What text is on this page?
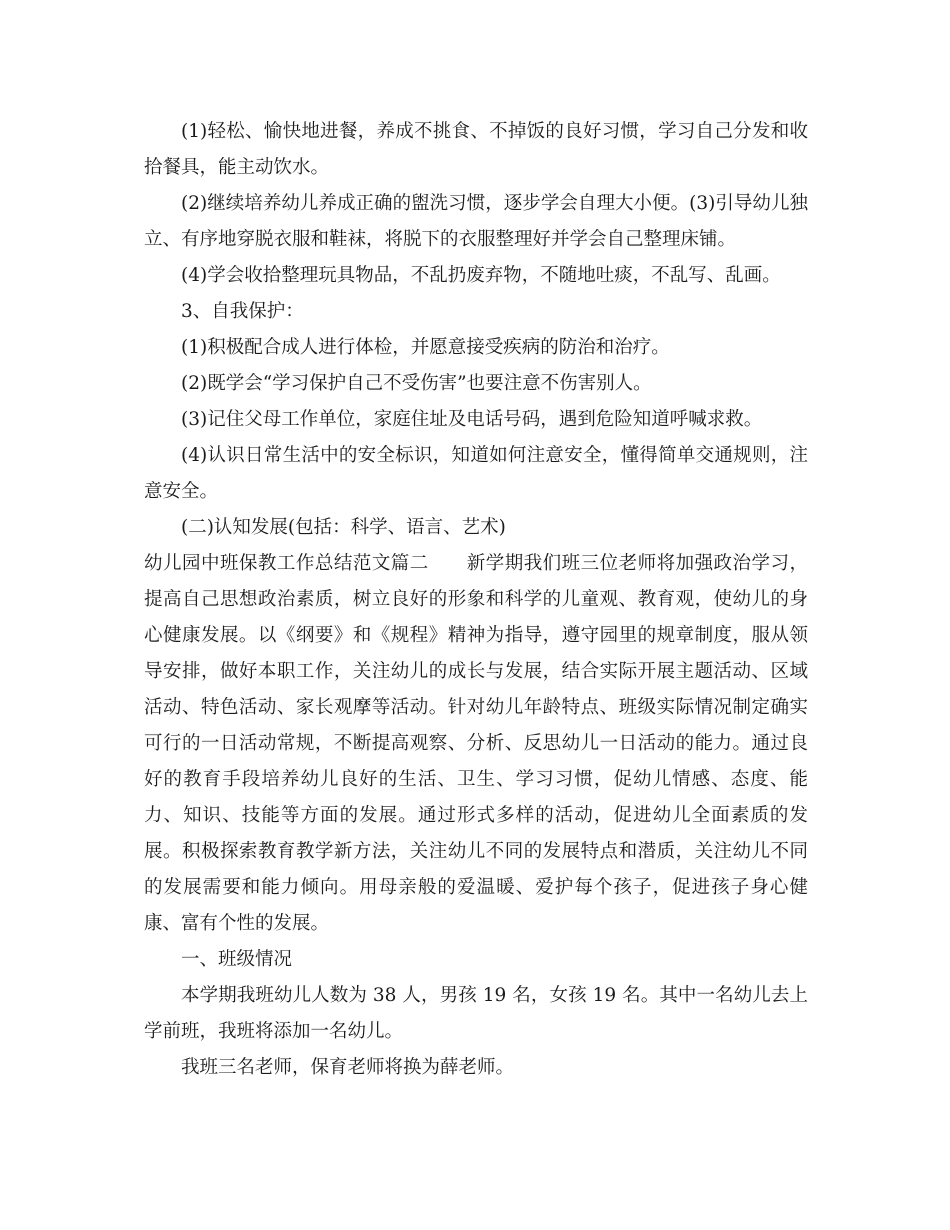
(1)轻松、愉快地进餐，养成不挑食、不掉饭的良好习惯，学习自己分发和收拾餐具，能主动饮水。

(2)继续培养幼儿养成正确的盥洗习惯，逐步学会自理大小便。(3)引导幼儿独立、有序地穿脱衣服和鞋袜，将脱下的衣服整理好并学会自己整理床铺。

(4)学会收拾整理玩具物品，不乱扔废弃物，不随地吐痰，不乱写、乱画。

3、自我保护：

(1)积极配合成人进行体检，并愿意接受疾病的防治和治疗。

(2)既学会“学习保护自己不受伤害”也要注意不伤害别人。

(3)记住父母工作单位，家庭住址及电话号码，遇到危险知道呼喊求救。

(4)认识日常生活中的安全标识，知道如何注意安全，懂得简单交通规则，注意安全。

(二)认知发展(包括：科学、语言、艺术)

幼儿园中班保教工作总结范文篇二　　新学期我们班三位老师将加强政治学习，提高自己思想政治素质，树立良好的形象和科学的儿童观、教育观，使幼儿的身心健康发展。以《纲要》和《规程》精神为指导，遵守园里的规章制度，服从领导安排，做好本职工作，关注幼儿的成长与发展，结合实际开展主题活动、区域活动、特色活动、家长观摩等活动。针对幼儿年龄特点、班级实际情况制定确实可行的一日活动常规，不断提高观察、分析、反思幼儿一日活动的能力。通过良好的教育手段培养幼儿良好的生活、卫生、学习习惯，促幼儿情感、态度、能力、知识、技能等方面的发展。通过形式多样的活动，促进幼儿全面素质的发展。积极探索教育教学新方法，关注幼儿不同的发展特点和潜质，关注幼儿不同的发展需要和能力倾向。用母亲般的爱温暖、爱护每个孩子，促进孩子身心健康、富有个性的发展。

一、班级情况

本学期我班幼儿人数为 38 人，男孩 19 名，女孩 19 名。其中一名幼儿去上学前班，我班将添加一名幼儿。

我班三名老师，保育老师将换为薛老师。
